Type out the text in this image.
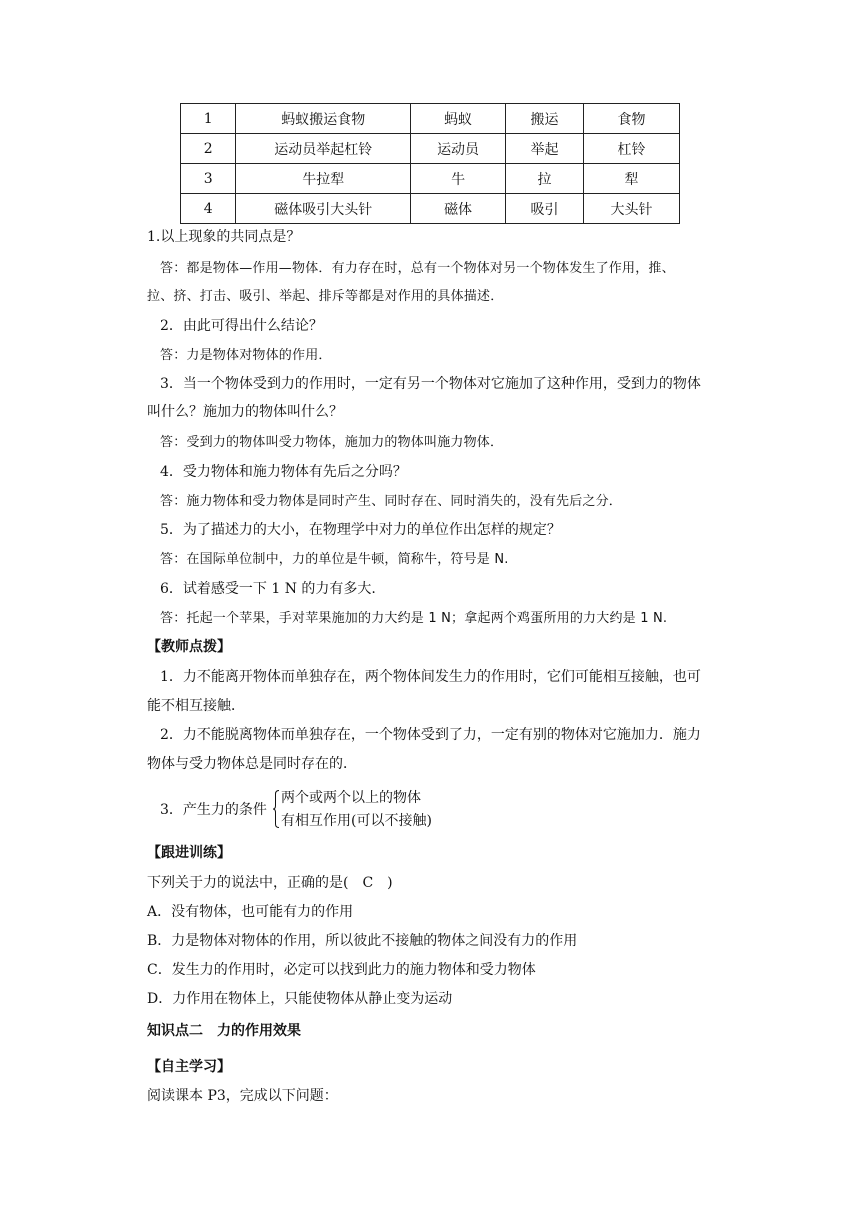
1	蚂蚁搬运食物	蚂蚁	搬运	食物
2	运动员举起杠铃	运动员	举起	杠铃
3	牛拉犁	牛	拉	犁
4	磁体吸引大头针	磁体	吸引	大头针
1.以上现象的共同点是？
答：都是物体—作用—物体．有力存在时，总有一个物体对另一个物体发生了作用，推、
拉、挤、打击、吸引、举起、排斥等都是对作用的具体描述．
2．由此可得出什么结论？
答：力是物体对物体的作用．
3．当一个物体受到力的作用时，一定有另一个物体对它施加了这种作用，受到力的物体
叫什么？施加力的物体叫什么？
答：受到力的物体叫受力物体，施加力的物体叫施力物体．
4．受力物体和施力物体有先后之分吗？
答：施力物体和受力物体是同时产生、同时存在、同时消失的，没有先后之分．
5．为了描述力的大小，在物理学中对力的单位作出怎样的规定？
答：在国际单位制中，力的单位是牛顿，简称牛，符号是 N.
6．试着感受一下 1 N 的力有多大.
答：托起一个苹果，手对苹果施加的力大约是 1 N；拿起两个鸡蛋所用的力大约是 1 N.
【教师点拨】
1．力不能离开物体而单独存在，两个物体间发生力的作用时，它们可能相互接触，也可
能不相互接触．
2．力不能脱离物体而单独存在，一个物体受到了力，一定有别的物体对它施加力．施力
物体与受力物体总是同时存在的．
3．产生力的条件
两个或两个以上的物体
有相互作用(可以不接触)
【跟进训练】
下列关于力的说法中，正确的是(　C　)
A．没有物体，也可能有力的作用
B．力是物体对物体的作用，所以彼此不接触的物体之间没有力的作用
C．发生力的作用时，必定可以找到此力的施力物体和受力物体
D．力作用在物体上，只能使物体从静止变为运动
知识点二　力的作用效果
【自主学习】
阅读课本 P3，完成以下问题：
